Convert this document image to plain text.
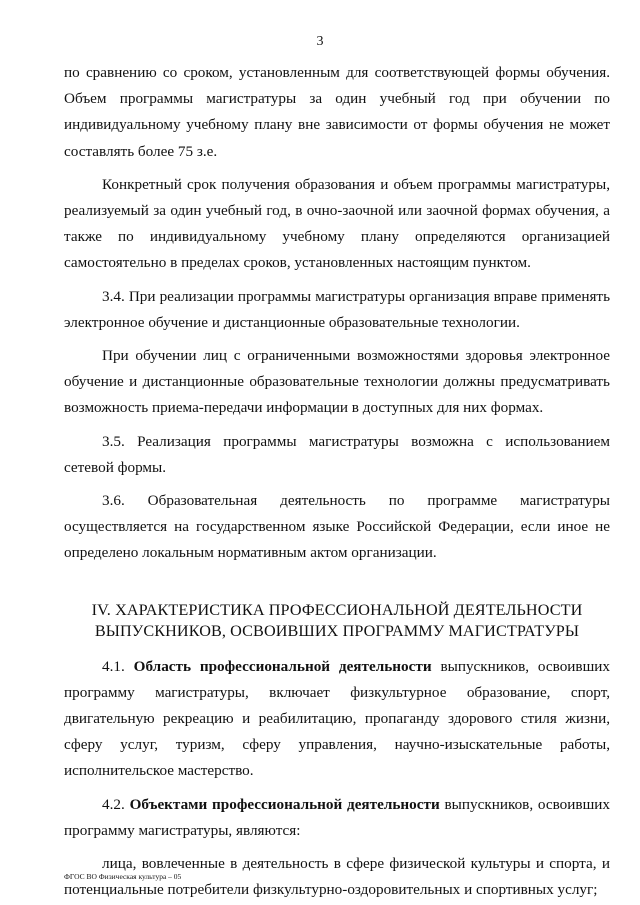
3

по сравнению со сроком, установленным для соответствующей формы обучения. Объем программы магистратуры за один учебный год при обучении по индивидуальному учебному плану вне зависимости от формы обучения не может составлять более 75 з.е.

Конкретный срок получения образования и объем программы магистратуры, реализуемый за один учебный год, в очно-заочной или заочной формах обучения, а также по индивидуальному учебному плану определяются организацией самостоятельно в пределах сроков, установленных настоящим пунктом.

3.4. При реализации программы магистратуры организация вправе применять электронное обучение и дистанционные образовательные технологии.

При обучении лиц с ограниченными возможностями здоровья электронное обучение и дистанционные образовательные технологии должны предусматривать возможность приема-передачи информации в доступных для них формах.

3.5. Реализация программы магистратуры возможна с использованием сетевой формы.

3.6. Образовательная деятельность по программе магистратуры осуществляется на государственном языке Российской Федерации, если иное не определено локальным нормативным актом организации.

IV. ХАРАКТЕРИСТИКА ПРОФЕССИОНАЛЬНОЙ ДЕЯТЕЛЬНОСТИ
ВЫПУСКНИКОВ, ОСВОИВШИХ ПРОГРАММУ МАГИСТРАТУРЫ

4.1. Область профессиональной деятельности выпускников, освоивших программу магистратуры, включает физкультурное образование, спорт, двигательную рекреацию и реабилитацию, пропаганду здорового стиля жизни, сферу услуг, туризм, сферу управления, научно-изыскательные работы, исполнительское мастерство.

4.2. Объектами профессиональной деятельности выпускников, освоивших программу магистратуры, являются:

лица, вовлеченные в деятельность в сфере физической культуры и спорта, и потенциальные потребители физкультурно-оздоровительных и спортивных услуг;

ФГОС ВО Физическая культура – 05
